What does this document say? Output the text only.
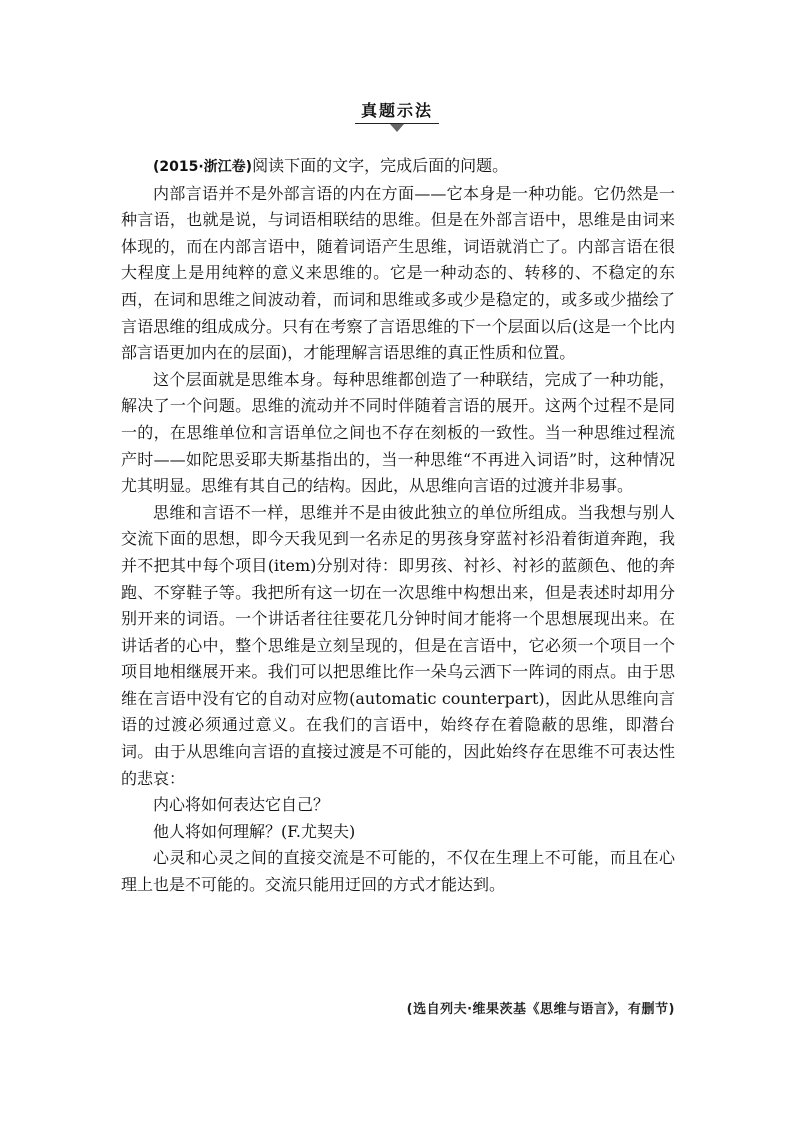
真题示法

(2015·浙江卷)阅读下面的文字，完成后面的问题。

内部言语并不是外部言语的内在方面——它本身是一种功能。它仍然是一种言语，也就是说，与词语相联结的思维。但是在外部言语中，思维是由词来体现的，而在内部言语中，随着词语产生思维，词语就消亡了。内部言语在很大程度上是用纯粹的意义来思维的。它是一种动态的、转移的、不稳定的东西，在词和思维之间波动着，而词和思维或多或少是稳定的，或多或少描绘了言语思维的组成成分。只有在考察了言语思维的下一个层面以后(这是一个比内部言语更加内在的层面)，才能理解言语思维的真正性质和位置。

这个层面就是思维本身。每种思维都创造了一种联结，完成了一种功能，解决了一个问题。思维的流动并不同时伴随着言语的展开。这两个过程不是同一的，在思维单位和言语单位之间也不存在刻板的一致性。当一种思维过程流产时——如陀思妥耶夫斯基指出的，当一种思维“不再进入词语”时，这种情况尤其明显。思维有其自己的结构。因此，从思维向言语的过渡并非易事。

思维和言语不一样，思维并不是由彼此独立的单位所组成。当我想与别人交流下面的思想，即今天我见到一名赤足的男孩身穿蓝衬衫沿着街道奔跑，我并不把其中每个项目(item)分别对待：即男孩、衬衫、衬衫的蓝颜色、他的奔跑、不穿鞋子等。我把所有这一切在一次思维中构想出来，但是表述时却用分别开来的词语。一个讲话者往往要花几分钟时间才能将一个思想展现出来。在讲话者的心中，整个思维是立刻呈现的，但是在言语中，它必须一个项目一个项目地相继展开来。我们可以把思维比作一朵乌云洒下一阵词的雨点。由于思维在言语中没有它的自动对应物(automatic counterpart)，因此从思维向言语的过渡必须通过意义。在我们的言语中，始终存在着隐蔽的思维，即潜台词。由于从思维向言语的直接过渡是不可能的，因此始终存在思维不可表达性的悲哀：

内心将如何表达它自己？

他人将如何理解？(F.尤契夫)

心灵和心灵之间的直接交流是不可能的，不仅在生理上不可能，而且在心理上也是不可能的。交流只能用迂回的方式才能达到。

(选自列夫·维果茨基《思维与语言》，有删节)
